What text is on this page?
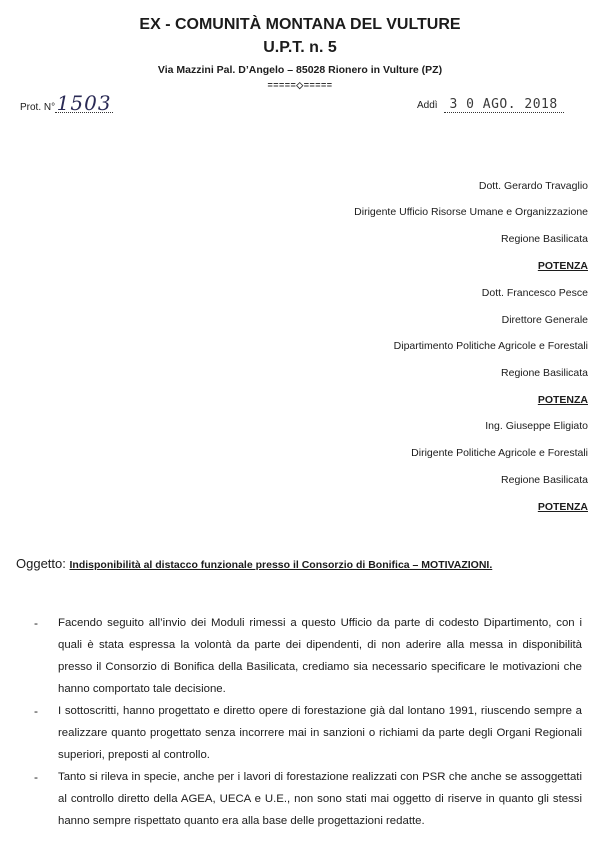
EX - COMUNITÀ MONTANA DEL VULTURE
U.P.T. n. 5
Via Mazzini Pal. D’Angelo – 85028 Rionero in Vulture (PZ)
=====◇=====
Prot. N°1503	Addì 3 0 AGO. 2018
Dott. Gerardo Travaglio
Dirigente Ufficio Risorse Umane e Organizzazione
Regione Basilicata
POTENZA
Dott. Francesco Pesce
Direttore Generale
Dipartimento Politiche Agricole e Forestali
Regione Basilicata
POTENZA
Ing. Giuseppe Eligiato
Dirigente Politiche Agricole e Forestali
Regione Basilicata
POTENZA
Oggetto: Indisponibilità al distacco funzionale presso il Consorzio di Bonifica – MOTIVAZIONI.
- Facendo seguito all’invio dei Moduli rimessi a questo Ufficio da parte di codesto Dipartimento, con i quali è stata espressa la volontà da parte dei dipendenti, di non aderire alla messa in disponibilità presso il Consorzio di Bonifica della Basilicata, crediamo sia necessario specificare le motivazioni che hanno comportato tale decisione.
- I sottoscritti, hanno progettato e diretto opere di forestazione già dal lontano 1991, riuscendo sempre a realizzare quanto progettato senza incorrere mai in sanzioni o richiami da parte degli Organi Regionali superiori, preposti al controllo.
- Tanto si rileva in specie, anche per i lavori di forestazione realizzati con PSR che anche se assoggettati al controllo diretto della AGEA, UECA e U.E., non sono stati mai oggetto di riserve in quanto gli stessi hanno sempre rispettato quanto era alla base delle progettazioni redatte.
